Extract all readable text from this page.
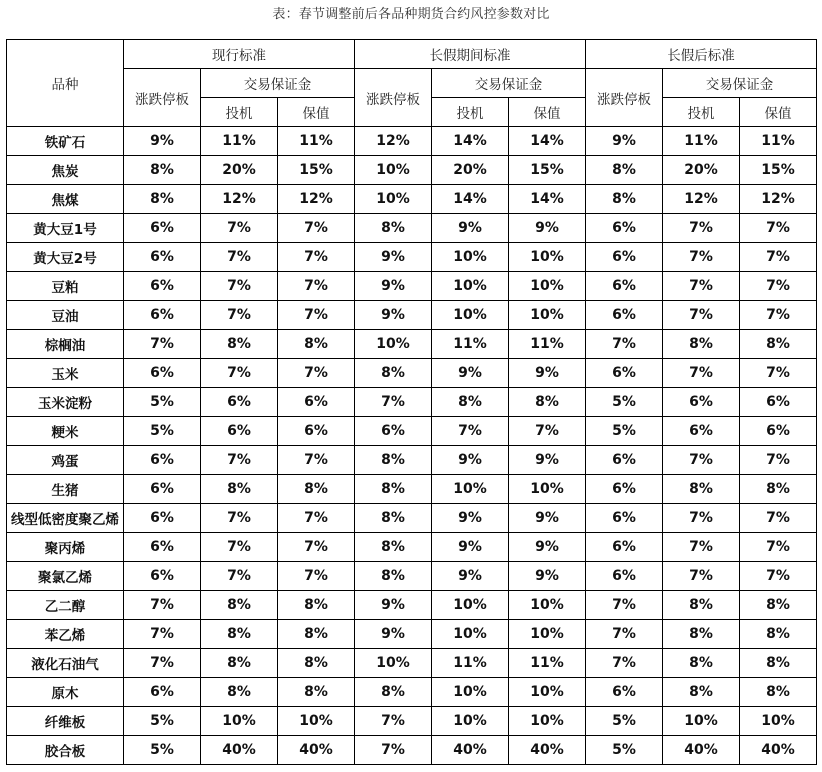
表：春节调整前后各品种期货合约风控参数对比
品种	现行标准			长假期间标准			长假后标准		
	涨跌停板	交易保证金		涨跌停板	交易保证金		涨跌停板	交易保证金	
		投机	保值		投机	保值		投机	保值
铁矿石	9%	11%	11%	12%	14%	14%	9%	11%	11%
焦炭	8%	20%	15%	10%	20%	15%	8%	20%	15%
焦煤	8%	12%	12%	10%	14%	14%	8%	12%	12%
黄大豆1号	6%	7%	7%	8%	9%	9%	6%	7%	7%
黄大豆2号	6%	7%	7%	9%	10%	10%	6%	7%	7%
豆粕	6%	7%	7%	9%	10%	10%	6%	7%	7%
豆油	6%	7%	7%	9%	10%	10%	6%	7%	7%
棕榈油	7%	8%	8%	10%	11%	11%	7%	8%	8%
玉米	6%	7%	7%	8%	9%	9%	6%	7%	7%
玉米淀粉	5%	6%	6%	7%	8%	8%	5%	6%	6%
粳米	5%	6%	6%	6%	7%	7%	5%	6%	6%
鸡蛋	6%	7%	7%	8%	9%	9%	6%	7%	7%
生猪	6%	8%	8%	8%	10%	10%	6%	8%	8%
线型低密度聚乙烯	6%	7%	7%	8%	9%	9%	6%	7%	7%
聚丙烯	6%	7%	7%	8%	9%	9%	6%	7%	7%
聚氯乙烯	6%	7%	7%	8%	9%	9%	6%	7%	7%
乙二醇	7%	8%	8%	9%	10%	10%	7%	8%	8%
苯乙烯	7%	8%	8%	9%	10%	10%	7%	8%	8%
液化石油气	7%	8%	8%	10%	11%	11%	7%	8%	8%
原木	6%	8%	8%	8%	10%	10%	6%	8%	8%
纤维板	5%	10%	10%	7%	10%	10%	5%	10%	10%
胶合板	5%	40%	40%	7%	40%	40%	5%	40%	40%
